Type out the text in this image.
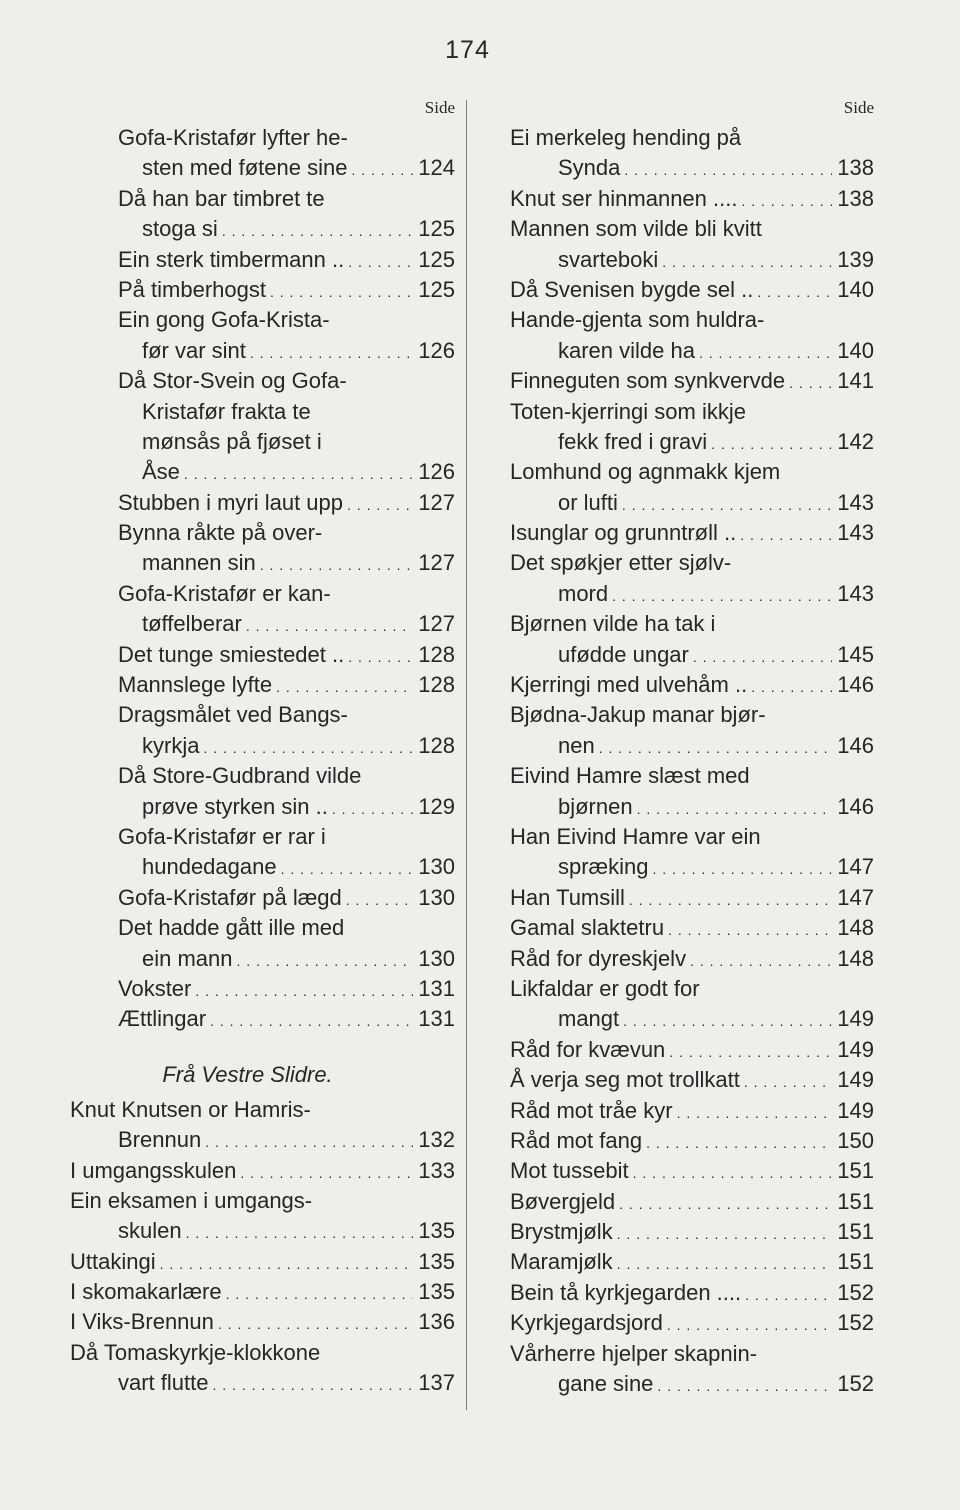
174
Side
Gofa-Kristafør lyfter he-
sten med føtene sine . . .	124
Då han bar timbret te
stoga si . . .	125
Ein sterk timbermann .. . . .	125
På timberhogst . . .	125
Ein gong Gofa-Krista-
før var sint . . .	126
Då Stor-Svein og Gofa-
Kristafør frakta te
mønsås på fjøset i
Åse . . .	126
Stubben i myri laut upp . . .	127
Bynna råkte på over-
mannen sin . . .	127
Gofa-Kristafør er kan-
tøffelberar . . .	127
Det tunge smiestedet .. . . .	128
Mannslege lyfte . . .	128
Dragsmålet ved Bangs-
kyrkja . . .	128
Då Store-Gudbrand vilde
prøve styrken sin .. . . .	129
Gofa-Kristafør er rar i
hundedagane . . .	130
Gofa-Kristafør på lægd . . .	130
Det hadde gått ille med
ein mann . . .	130
Vokster . . .	131
Ættlingar . . .	131
Frå Vestre Slidre.
Knut Knutsen or Hamris-
Brennun . . .	132
I umgangsskulen . . .	133
Ein eksamen i umgangs-
skulen . . .	135
Uttakingi . . .	135
I skomakarlære . . .	135
I Viks-Brennun . . .	136
Då Tomaskyrkje-klokkone
vart flutte . . .	137
Side
Ei merkeleg hending på
Synda . . .	138
Knut ser hinmannen .... . . .	138
Mannen som vilde bli kvitt
svarteboki . . .	139
Då Svenisen bygde sel .. . . .	140
Hande-gjenta som huldra-
karen vilde ha . . .	140
Finneguten som synkvervde . . . 141
Toten-kjerringi som ikkje
fekk fred i gravi . . .	142
Lomhund og agnmakk kjem
or lufti . . .	143
Isunglar og grunntrøll .. . . .	143
Det spøkjer etter sjølv-
mord . . .	143
Bjørnen vilde ha tak i
ufødde ungar . . .	145
Kjerringi med ulvehåm .. . . .	146
Bjødna-Jakup manar bjør-
nen . . .	146
Eivind Hamre slæst med
bjørnen . . .	146
Han Eivind Hamre var ein
spræking . . .	147
Han Tumsill . . .	147
Gamal slaktetru . . .	148
Råd for dyreskjelv . . .	148
Likfaldar er godt for
mangt . . .	149
Råd for kvævun . . .	149
Å verja seg mot trollkatt . . .	149
Råd mot tråe kyr . . .	149
Råd mot fang . . .	150
Mot tussebit . . .	151
Bøvergjeld . . .	151
Brystmjølk . . .	151
Maramjølk . . .	151
Bein tå kyrkjegarden .... . . .	152
Kyrkjegardsjord . . .	152
Vårherre hjelper skapnin-
gane sine . . .	152
